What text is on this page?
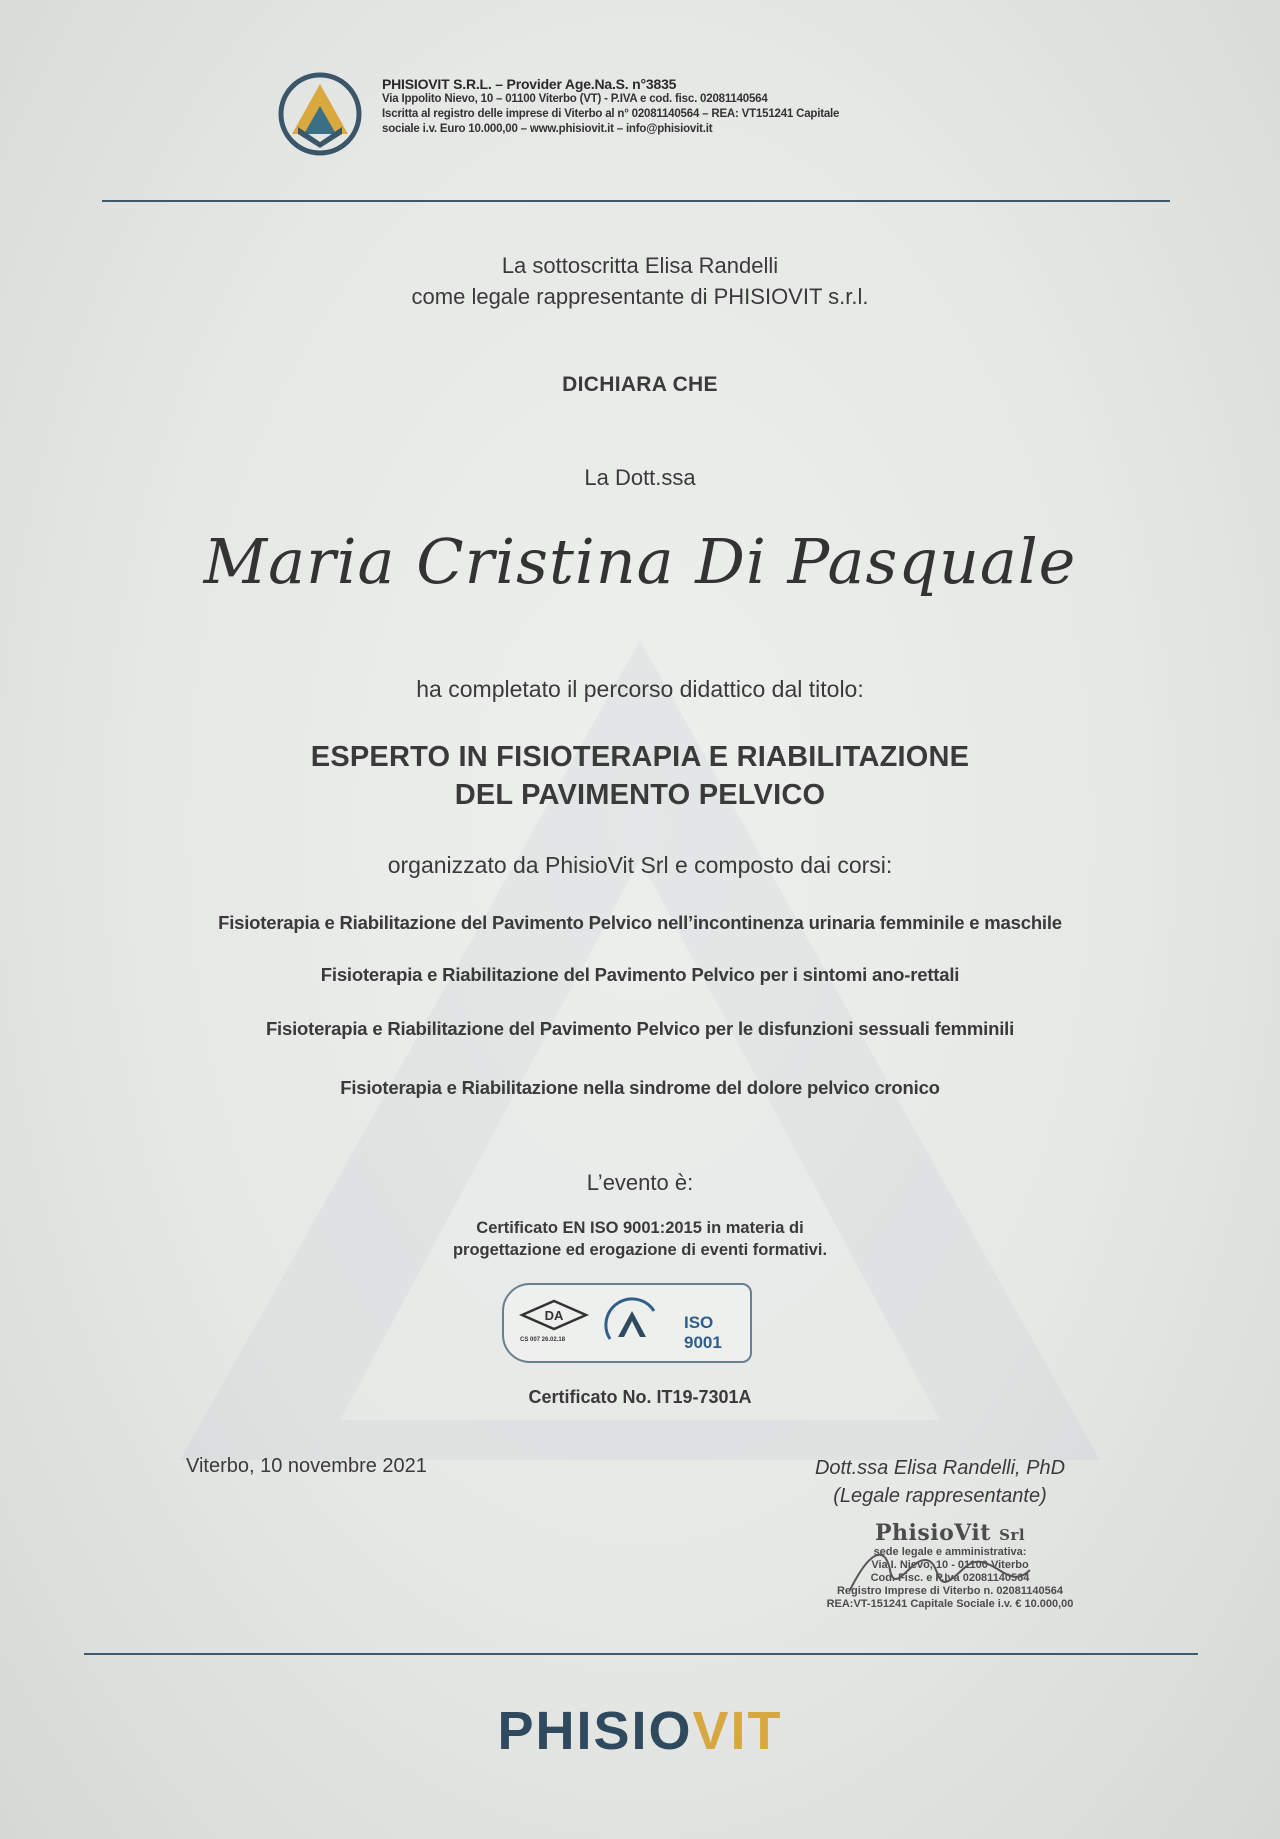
PHISIOVIT S.R.L. – Provider Age.Na.S. n°3835
Via Ippolito Nievo, 10 – 01100 Viterbo (VT) - P.IVA e cod. fisc. 02081140564
Iscritta al registro delle imprese di Viterbo al n° 02081140564 – REA: VT151241 Capitale
sociale i.v. Euro 10.000,00 – www.phisiovit.it – info@phisiovit.it
La sottoscritta Elisa Randelli
come legale rappresentante di PHISIOVIT s.r.l.
DICHIARA CHE
La Dott.ssa
Maria Cristina Di Pasquale
ha completato il percorso didattico dal titolo:
ESPERTO IN FISIOTERAPIA E RIABILITAZIONE
DEL PAVIMENTO PELVICO
organizzato da PhisioVit Srl e composto dai corsi:
Fisioterapia e Riabilitazione del Pavimento Pelvico nell’incontinenza urinaria femminile e maschile
Fisioterapia e Riabilitazione del Pavimento Pelvico per i sintomi ano-rettali
Fisioterapia e Riabilitazione del Pavimento Pelvico per le disfunzioni sessuali femminili
Fisioterapia e Riabilitazione nella sindrome del dolore pelvico cronico
L’evento è:
Certificato EN ISO 9001:2015 in materia di
progettazione ed erogazione di eventi formativi.
DA
CS 007 26.02.18
ISO 9001
Certificato No. IT19-7301A
Viterbo, 10 novembre 2021	Dott.ssa Elisa Randelli, PhD
(Legale rappresentante)
PhisioVit Srl
sede legale e amministrativa:
Via I. Nievo, 10 - 01100 Viterbo
Cod. Fisc. e P.Iva 02081140564
Registro Imprese di Viterbo n. 02081140564
REA:VT-151241 Capitale Sociale i.v. € 10.000,00
PHISIOVIT
